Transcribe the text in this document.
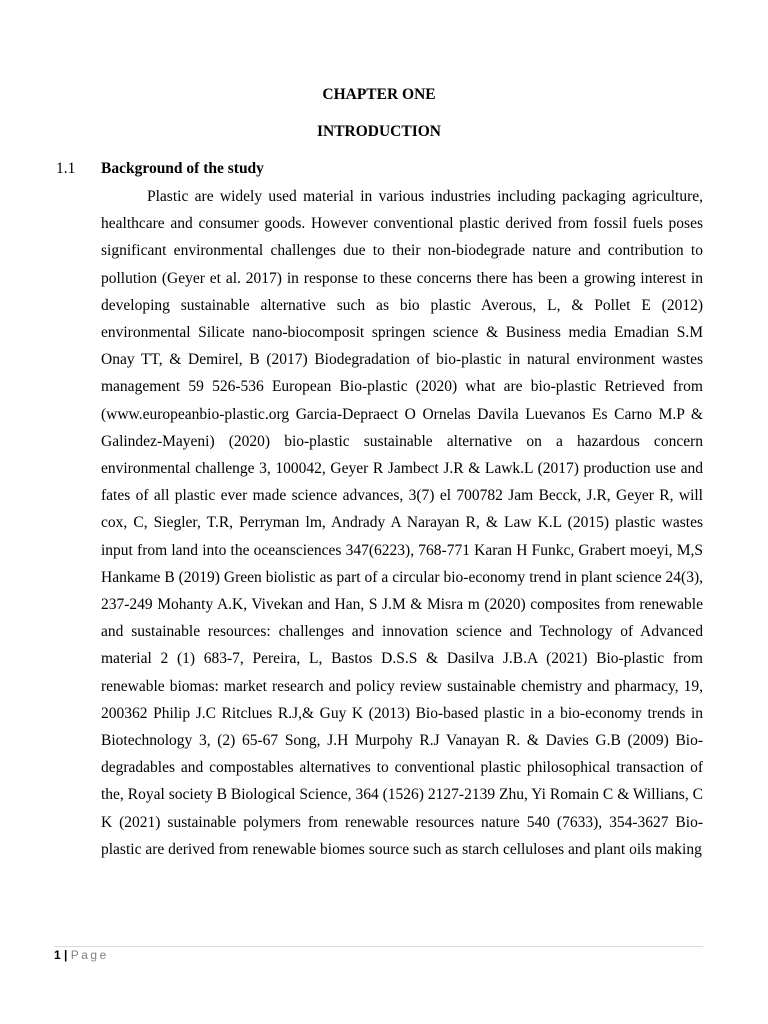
CHAPTER ONE
INTRODUCTION
1.1 Background of the study

Plastic are widely used material in various industries including packaging agriculture, healthcare and consumer goods. However conventional plastic derived from fossil fuels poses significant environmental challenges due to their non-biodegrade nature and contribution to pollution (Geyer et al. 2017) in response to these concerns there has been a growing interest in developing sustainable alternative such as bio plastic Averous, L, & Pollet E (2012) environmental Silicate nano-biocomposit springen science & Business media Emadian S.M Onay TT, & Demirel, B (2017) Biodegradation of bio-plastic in natural environment wastes management 59 526-536 European Bio-plastic (2020) what are bio-plastic Retrieved from (www.europeanbio-plastic.org Garcia-Depraect O Ornelas Davila Luevanos Es Carno M.P & Galindez-Mayeni) (2020) bio-plastic sustainable alternative on a hazardous concern environmental challenge 3, 100042, Geyer R Jambect J.R & Lawk.L (2017) production use and fates of all plastic ever made science advances, 3(7) el 700782 Jam Becck, J.R, Geyer R, will cox, C, Siegler, T.R, Perryman lm, Andrady A Narayan R, & Law K.L (2015) plastic wastes input from land into the oceansciences 347(6223), 768-771 Karan H Funkc, Grabert moeyi, M,S Hankame B (2019) Green biolistic as part of a circular bio-economy trend in plant science 24(3), 237-249 Mohanty A.K, Vivekan and Han, S J.M & Misra m (2020) composites from renewable and sustainable resources: challenges and innovation science and Technology of Advanced material 2 (1) 683-7, Pereira, L, Bastos D.S.S & Dasilva J.B.A (2021) Bio-plastic from renewable biomas: market research and policy review sustainable chemistry and pharmacy, 19, 200362 Philip J.C Ritclues R.J,& Guy K (2013) Bio-based plastic in a bio-economy trends in Biotechnology 3, (2) 65-67 Song, J.H Murpohy R.J Vanayan R. & Davies G.B (2009) Bio-degradables and compostables alternatives to conventional plastic philosophical transaction of the, Royal society B Biological Science, 364 (1526) 2127-2139 Zhu, Yi Romain C & Willians, C K (2021) sustainable polymers from renewable resources nature 540 (7633), 354-3627 Bio-plastic are derived from renewable biomes source such as starch celluloses and plant oils making

1 | Page
